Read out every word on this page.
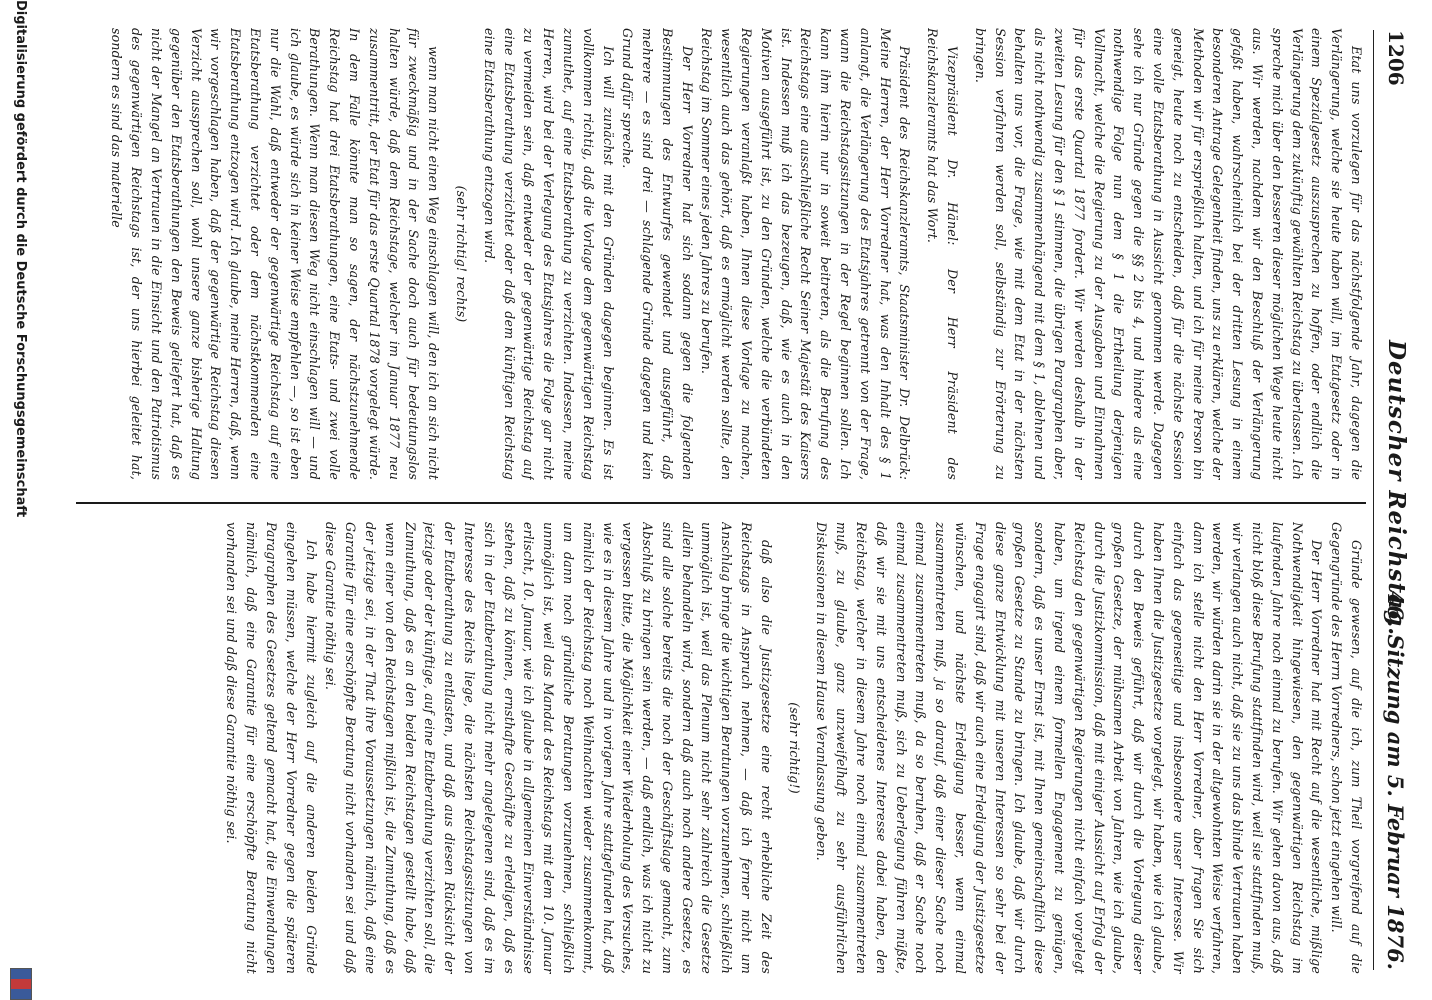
1206
Deutscher Reichstag.
46. Sitzung am 5. Februar 1876.

Etat uns vorzulegen für das nächstfolgende Jahr, dagegen die Verlängerung, welche sie heute haben will, im Etatgesetz oder in einem Spezialgesetz auszusprechen zu hoffen, oder endlich die Verlängerung dem zukünftig gewählten Reichstag zu überlassen. Ich spreche mich über den besseren dieser möglichen Wege heute nicht aus. Wir werden, nachdem wir den Beschluß der Verlängerung gefaßt haben, wahrscheinlich bei der dritten Lesung in einem besonderen Antrage Gelegenheit finden, uns zu erklären, welche der Methoden wir für ersprießlich halten, und ich für meine Person bin geneigt, heute noch zu entscheiden, daß für die nächste Session eine volle Etatsberathung in Aussicht genommen werde. Dagegen sehe ich nur Gründe gegen die §§ 2 bis 4, und hindere als eine nothwendige Folge nun dem § 1 die Ertheilung derjenigen Vollmacht, welche die Regierung zu der Ausgaben und Einnahmen für das erste Quartal 1877 fordert. Wir werden deshalb in der zweiten Lesung für den § 1 stimmen, die übrigen Paragraphen aber, als nicht nothwendig zusammenhängend mit dem § 1, ablehnen und behalten uns vor, die Frage, wie mit dem Etat in der nächsten Session verfahren werden soll, selbständig zur Erörterung zu bringen.

Vizepräsident Dr. Hänel: Der Herr Präsident des Reichskanzleramts hat das Wort.

Präsident des Reichskanzleramts, Staatsminister Dr. Delbrück: Meine Herren, der Herr Vorredner hat, was den Inhalt des § 1 anlangt, die Verlängerung des Etatsjahres getrennt von der Frage, wann die Reichstagssitzungen in der Regel beginnen sollen. Ich kann ihm hierin nur in soweit beitreten, als die Berufung des Reichstags eine ausschließliche Recht Seiner Majestät des Kaisers ist. Indessen muß ich das bezeugen, daß, wie es auch in den Motiven ausgeführt ist, zu den Gründen, welche die verbündeten Regierungen veranlaßt haben, Ihnen diese Vorlage zu machen, wesentlich auch das gehört, daß es ermöglicht werden sollte, den Reichstag im Sommer eines jeden Jahres zu berufen.

Der Herr Vorredner hat sich sodann gegen die folgenden Bestimmungen des Entwurfes gewendet und ausgeführt, daß mehrere — es sind drei — schlagende Gründe dagegen und kein Grund dafür spreche.

Ich will zunächst mit den Gründen dagegen beginnen. Es ist vollkommen richtig, daß die Vorlage dem gegenwärtigen Reichstag zumuthet, auf eine Etatsberathung zu verzichten. Indessen, meine Herren, wird bei der Verlegung des Etatsjahres die Folge gar nicht zu vermeiden sein, daß entweder der gegenwärtige Reichstag auf eine Etatsberathung verzichtet oder daß dem künftigen Reichstag eine Etatsberathung entzogen wird.

(sehr richtig! rechts)

wenn man nicht einen Weg einschlagen will, den ich an sich nicht für zweckmäßig und in der Sache doch auch für bedeutungslos halten würde, daß dem Reichstage, welcher im Januar 1877 neu zusammentritt, der Etat für das erste Quartal 1878 vorgelegt würde. In dem Falle könnte man so sagen, der nächstzunehmende Reichstag hat drei Etatsberathungen, eine Etats- und zwei volle Berathungen. Wenn man diesen Weg nicht einschlagen will — und ich glaube, es würde sich in keiner Weise empfehlen —, so ist eben nur die Wahl, daß entweder der gegenwärtige Reichstag auf eine Etatsberathung verzichtet oder dem nächstkommenden eine Etatsberathung entzogen wird. Ich glaube, meine Herren, daß, wenn wir vorgeschlagen haben, daß der gegenwärtige Reichstag diesen Verzicht aussprechen soll, wohl unsere ganze bisherige Haltung gegenüber den Etatsberathungen den Beweis geliefert hat, daß es nicht der Mangel an Vertrauen in die Einsicht und den Patriotismus des gegenwärtigen Reichstags ist, der uns hierbei geleitet hat, sondern es sind das materielle

Gründe gewesen, auf die ich, zum Theil vorgreifend auf die Gegengründe des Herrn Vorredners, schon jetzt eingehen will.

Der Herr Vorredner hat mit Recht auf die wesentliche, mißlige Nothwendigkeit hingewiesen, den gegenwärtigen Reichstag im laufenden Jahre noch einmal zu berufen. Wir gehen davon aus, daß nicht bloß diese Berufung stattfinden wird, weil sie stattfinden muß, wir verlangen auch nicht, daß sie zu uns das blinde Vertrauen haben werden, wir würden darin sie in der altgewohnten Weise verfahren, dann ich stelle nicht den Herr Vorredner, aber fragen Sie sich einfach das gegenseitige und insbesondere unser Interesse. Wir haben Ihnen die Justizgesetze vorgelegt, wir haben, wie ich glaube, durch den Beweis geführt, daß wir durch die Vorlegung dieser großen Gesetze, der mühsamen Arbeit von Jahren, wie ich glaube, durch die Justizkommission, daß mit einiger Aussicht auf Erfolg der Reichstag den gegenwärtigen Regierungen nicht einfach vorgelegt haben, um irgend einem formellen Engagement zu genügen, sondern, daß es unser Ernst ist, mit Ihnen gemeinschaftlich diese großen Gesetze zu Stande zu bringen. Ich glaube, daß wir durch diese ganze Entwicklung mit unseren Interessen so sehr bei der Frage engagirt sind, daß wir auch eine Erledigung der Justizgesetze wünschen, und nächste Erledigung besser, wenn einmal zusammentreten muß, ja so darauf, daß einer dieser Sache noch einmal zusammentreten muß, da so beruhen, daß er Sache noch einmal zusammentreten muß, sich zu Ueberlegung führen müßte, daß wir sie mit uns entscheidenes Interesse dabei haben, den Reichstag, welcher in diesem Jahre noch einmal zusammentreten muß, zu glaube, ganz unzweifelhaft zu sehr ausführlichen Diskussionen in diesem Hause Veranlassung geben.

(sehr richtig!)

daß also die Justizgesetze eine recht erhebliche Zeit des Reichstags in Anspruch nehmen, — daß ich ferner nicht um Anschlag bringe die wichtigen Beratungen vorzunehmen, schließlich ummöglich ist, weil das Plenum nicht sehr zahlreich die Gesetze allein behandeln wird, sondern daß auch noch andere Gesetze, es sind alle solche bereits die noch der Geschäftslage gemacht, zum Abschluß zu bringen sein werden, — daß endlich, was ich nicht zu vergessen bitte, die Möglichkeit einer Wiederholung des Versuches, wie es in diesem Jahre und in vorigem Jahre stattgefunden hat, daß nämlich der Reichstag noch Weihnachten wieder zusammenkommt, um dann noch gründliche Beratungen vorzunehmen, schließlich unmöglich ist, weil das Mandat des Reichstags mit dem 10. Januar erlischt, 10. Januar, wie ich glaube in allgemeinen Einverständnisse stehen, daß zu können, ernsthafte Geschäfte zu erledigen, daß es sich in der Etatberathung nicht mehr angelegenen sind, daß es im Interesse des Reichs liege, die nächsten Reichstagssitzungen von der Etatberathung zu entlasten, und daß aus diesen Rücksicht der jetzige oder der künftige, auf eine Etatberathung verzichten soll, die Zumuthung, daß es an den beiden Reichstagen gestellt habe, daß wenn einer von den Reichstagen mißlich ist, die Zumuthung, daß es der jetzige sei, in der That ihre Voraussetzungen nämlich, daß eine Garantie für eine erschöpfte Beratung nicht vorhanden sei und daß diese Garantie nöthig sei.

Ich habe hiermit zugleich auf die anderen beiden Gründe eingehen müssen, welche der Herr Vorredner gegen die späteren Paragraphen des Gesetzes geltend gemacht hat, die Einwendungen nämlich, daß eine Garantie für eine erschöpfte Beratung nicht vorhanden sei und daß diese Garantie nöthig sei.

Digitalisierung gefördert durch die Deutsche Forschungsgemeinschaft
